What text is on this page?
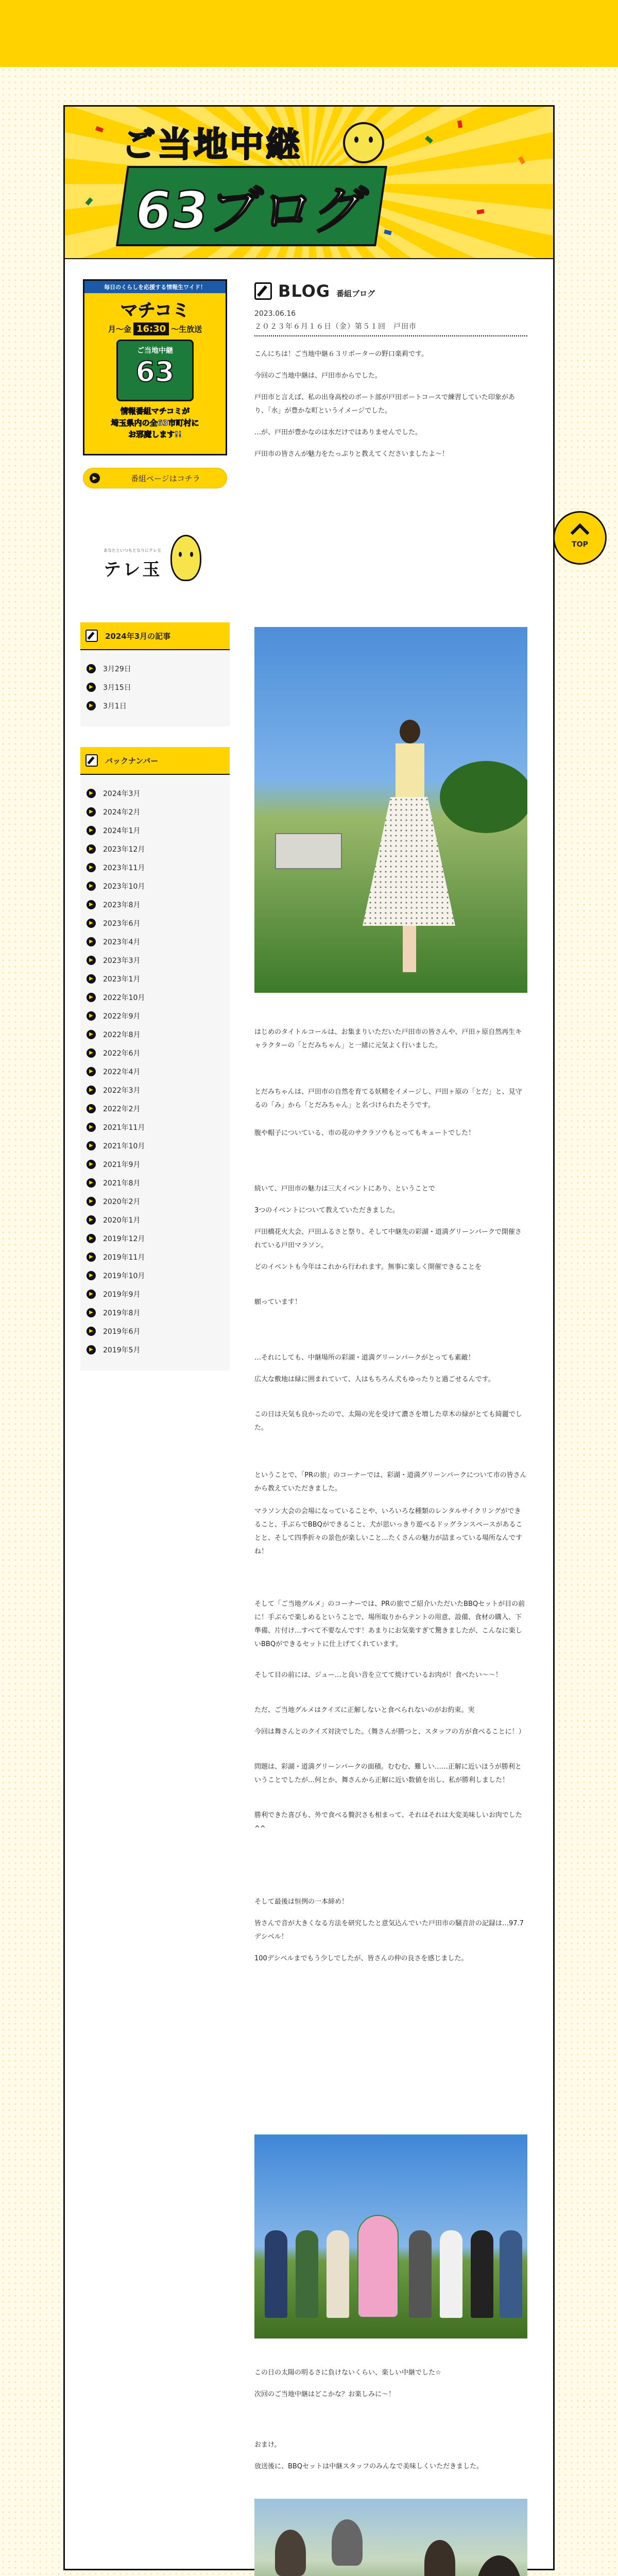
ご当地中継
63ブログ
毎日のくらしを応援する情報生ワイド！
マチコミ
月～金 16:30 ～生放送
ご当地中継
63
情報番組マチコミが
埼玉県内の全63市町村に
お邪魔します!!
▶	番組ページはコチラ
あなたといつもとなりにテレ玉
テレ玉
2024年3月の記事
▶	3月29日
▶	3月15日
▶	3月1日
バックナンバー
▶	2024年3月
▶	2024年2月
▶	2024年1月
▶	2023年12月
▶	2023年11月
▶	2023年10月
▶	2023年8月
▶	2023年6月
▶	2023年4月
▶	2023年3月
▶	2023年1月
▶	2022年10月
▶	2022年9月
▶	2022年8月
▶	2022年6月
▶	2022年4月
▶	2022年3月
▶	2022年2月
▶	2021年11月
▶	2021年10月
▶	2021年9月
▶	2021年8月
▶	2020年2月
▶	2020年1月
▶	2019年12月
▶	2019年11月
▶	2019年10月
▶	2019年9月
▶	2019年8月
▶	2019年6月
▶	2019年5月
BLOG 番組ブログ
2023.06.16
２０２３年６月１６日（金）第５１回　戸田市
こんにちは！ご当地中継６３リポーターの野口楽莉です。
今回のご当地中継は、戸田市からでした。
戸田市と言えば、私の出身高校のボート部が戸田ボートコースで練習していた印象があり、「水」が豊かな町というイメージでした。
…が、戸田が豊かなのは水だけではありませんでした。
戸田市の皆さんが魅力をたっぷりと教えてくださいましたよ～！
はじめのタイトルコールは、お集まりいただいた戸田市の皆さんや、戸田ヶ原自然再生キャラクターの「とだみちゃん」と一緒に元気よく行いました。
とだみちゃんは、戸田市の自然を育てる妖精をイメージし、戸田ヶ原の「とだ」と、見守るの「み」から「とだみちゃん」と名づけられたそうです。
腹や帽子についている、市の花のサクラソウもとってもキュートでした！
続いて、戸田市の魅力は三大イベントにあり、ということで
3つのイベントについて教えていただきました。
戸田橋花火大会、戸田ふるさと祭り、そして中継先の彩湖・道満グリーンパークで開催されている戸田マラソン。
どのイベントも今年はこれから行われます。無事に楽しく開催できることを
願っています！
…それにしても、中継場所の彩湖・道満グリーンパークがとっても素敵！
広大な敷地は緑に囲まれていて、人はもちろん犬もゆったりと過ごせるんです。
この日は天気も良かったので、太陽の光を受けて濃さを増した草木の緑がとても綺麗でした。
ということで、「PRの旅」のコーナーでは、彩湖・道満グリーンパークについて市の皆さんから教えていただきました。
マラソン大会の会場になっていることや、いろいろな種類のレンタルサイクリングができること、手ぶらでBBQができること、犬が思いっきり遊べるドッグランスペースがあることと、そして四季折々の景色が楽しいこと…たくさんの魅力が詰まっている場所なんですね！
そして「ご当地グルメ」のコーナーでは、PRの旅でご紹介いただいたBBQセットが目の前に！手ぶらで楽しめるということで、場所取りからテントの用意、設備、食材の購入、下準備、片付け…すべて不要なんです！あまりにお気楽すぎて驚きましたが、こんなに楽しいBBQができるセットに仕上げてくれています。
そして目の前には、ジュー…と良い音を立てて焼けているお肉が！食べたい～～！
ただ、ご当地グルメはクイズに正解しないと食べられないのがお約束。実
今回は舞さんとのクイズ対決でした。（舞さんが勝つと、スタッフの方が食べることに！）
問題は、彩湖・道満グリーンパークの面積。むむむ、難しい……正解に近いほうが勝利ということでしたが…何とか、舞さんから正解に近い数値を出し、私が勝利しました！
勝利できた喜びも、外で食べる贅沢さも相まって、それはそれは大変美味しいお肉でした^^
そして最後は恒例の一本締め！
皆さんで音が大きくなる方法を研究したと意気込んでいた戸田市の騒音計の記録は…97.7デシベル！
100デシベルまでもう少しでしたが、皆さんの仲の良さを感じました。
この日の太陽の明るさに負けないくらい、楽しい中継でした☆
次回のご当地中継はどこかな？お楽しみに～！
おまけ。
放送後に、BBQセットは中継スタッフのみんなで美味しくいただきました。
TOP
